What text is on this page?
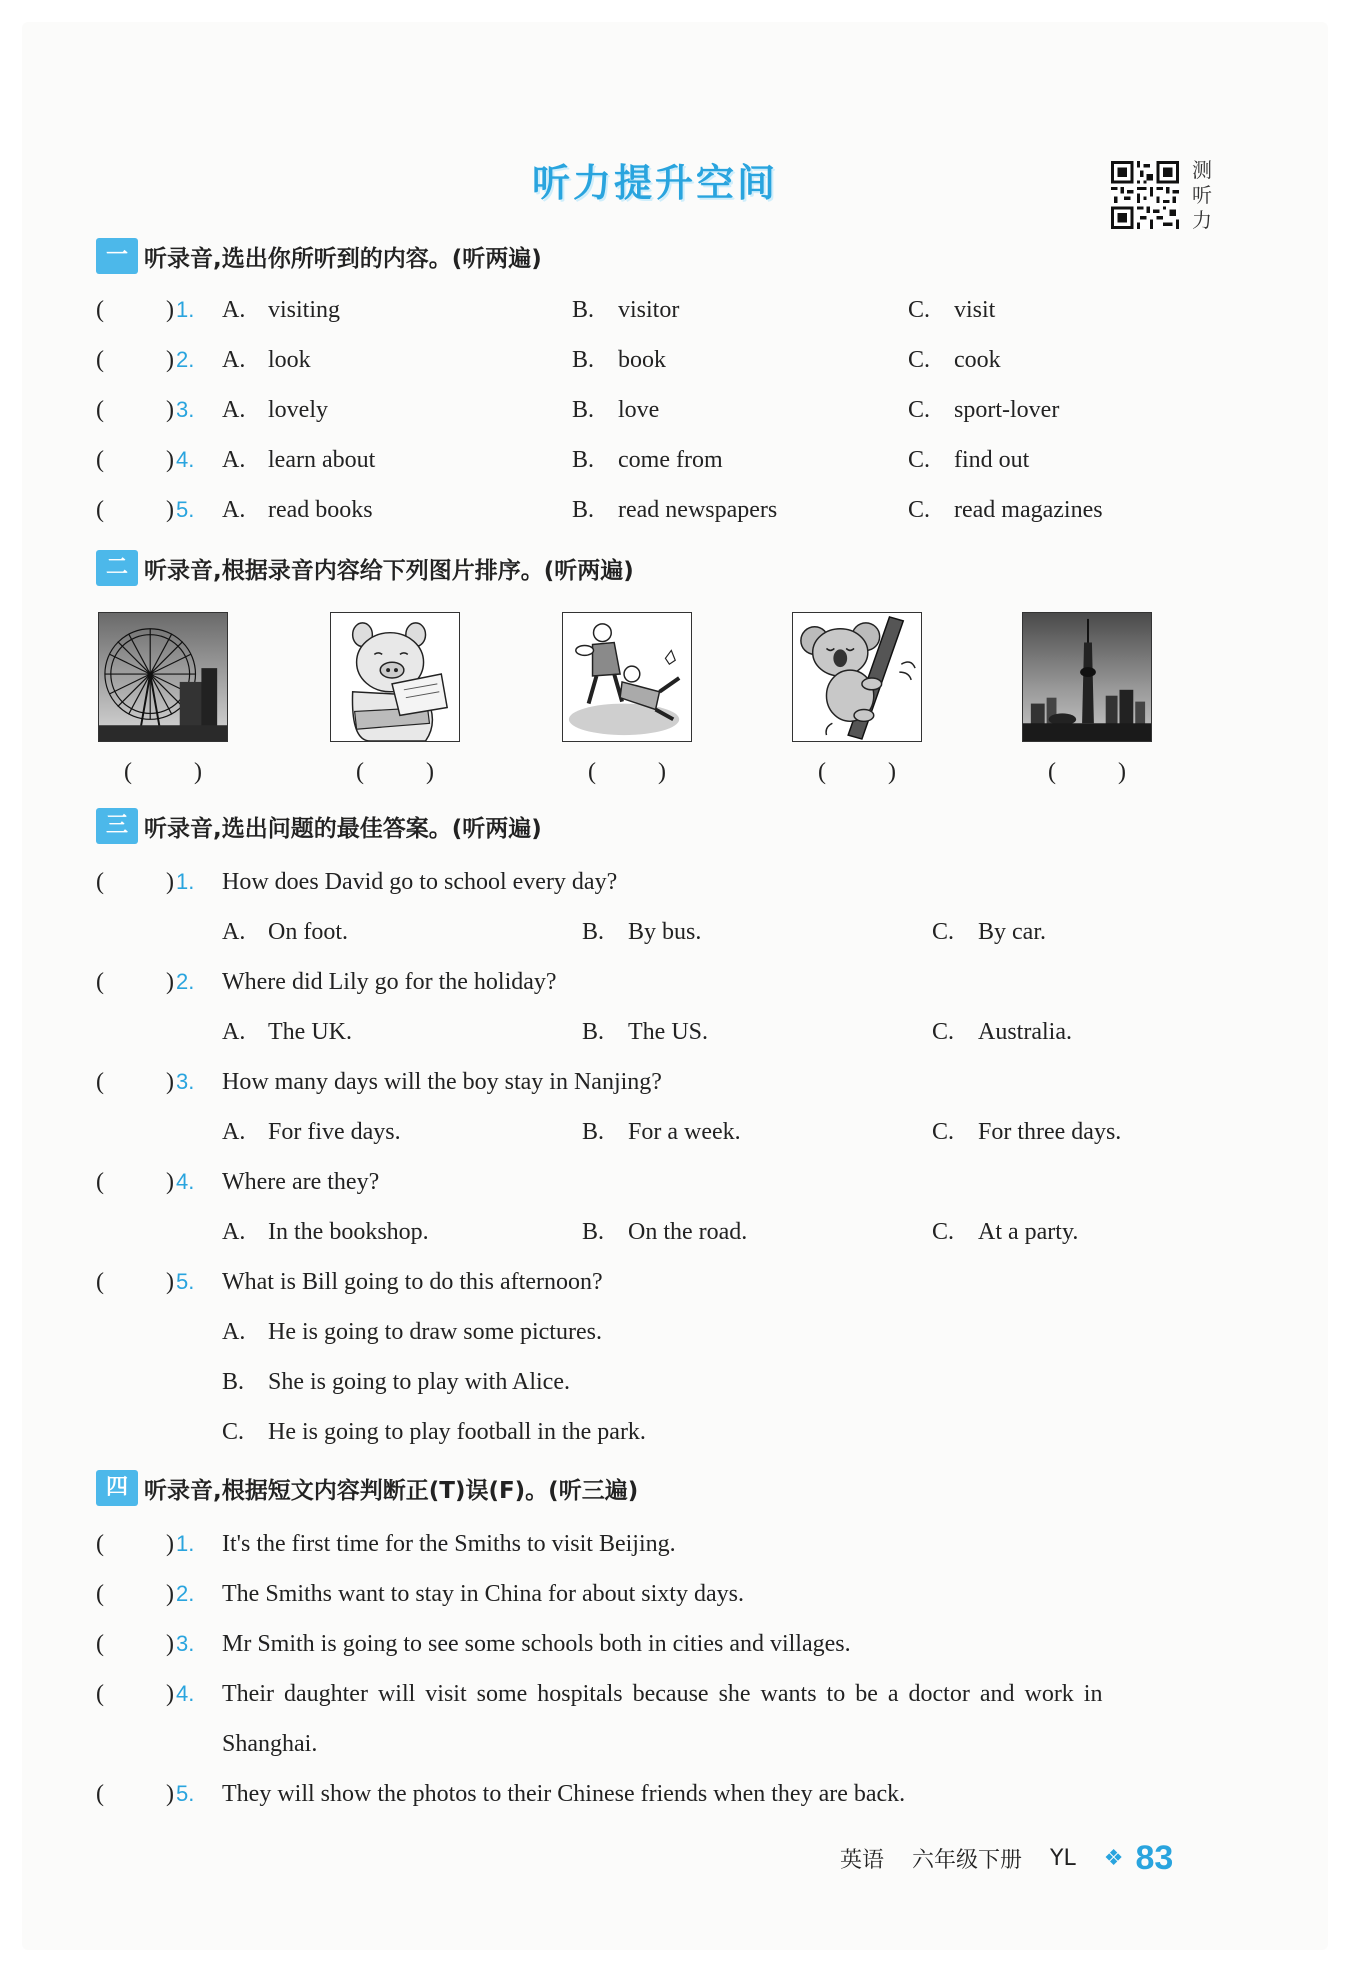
听力提升空间	测
听
力
一 听录音,选出你所听到的内容。(听两遍)
(	) 1. A. visiting	B. visitor	C. visit
(	) 2. A. look	B. book	C. cook
(	) 3. A. lovely	B. love	C. sport-lover
(	) 4. A. learn about	B. come from	C. find out
(	) 5. A. read books	B. read newspapers	C. read magazines
二 听录音,根据录音内容给下列图片排序。(听两遍)
(	)	(	)	(	)	(	)	(	)
三 听录音,选出问题的最佳答案。(听两遍)
(	) 1. How does David go to school every day?
A. On foot.	B. By bus.	C. By car.
(	) 2. Where did Lily go for the holiday?
A. The UK.	B. The US.	C. Australia.
(	) 3. How many days will the boy stay in Nanjing?
A. For five days.	B. For a week.	C. For three days.
(	) 4. Where are they?
A. In the bookshop.	B. On the road.	C. At a party.
(	) 5. What is Bill going to do this afternoon?
A. He is going to draw some pictures.
B. She is going to play with Alice.
C. He is going to play football in the park.
四 听录音,根据短文内容判断正(T)误(F)。(听三遍)
(	) 1. It's the first time for the Smiths to visit Beijing.
(	) 2. The Smiths want to stay in China for about sixty days.
(	) 3. Mr Smith is going to see some schools both in cities and villages.
(	) 4. Their daughter will visit some hospitals because she wants to be a doctor and work in
Shanghai.
(	) 5. They will show the photos to their Chinese friends when they are back.
英语 六年级下册 YL ❖ 83
